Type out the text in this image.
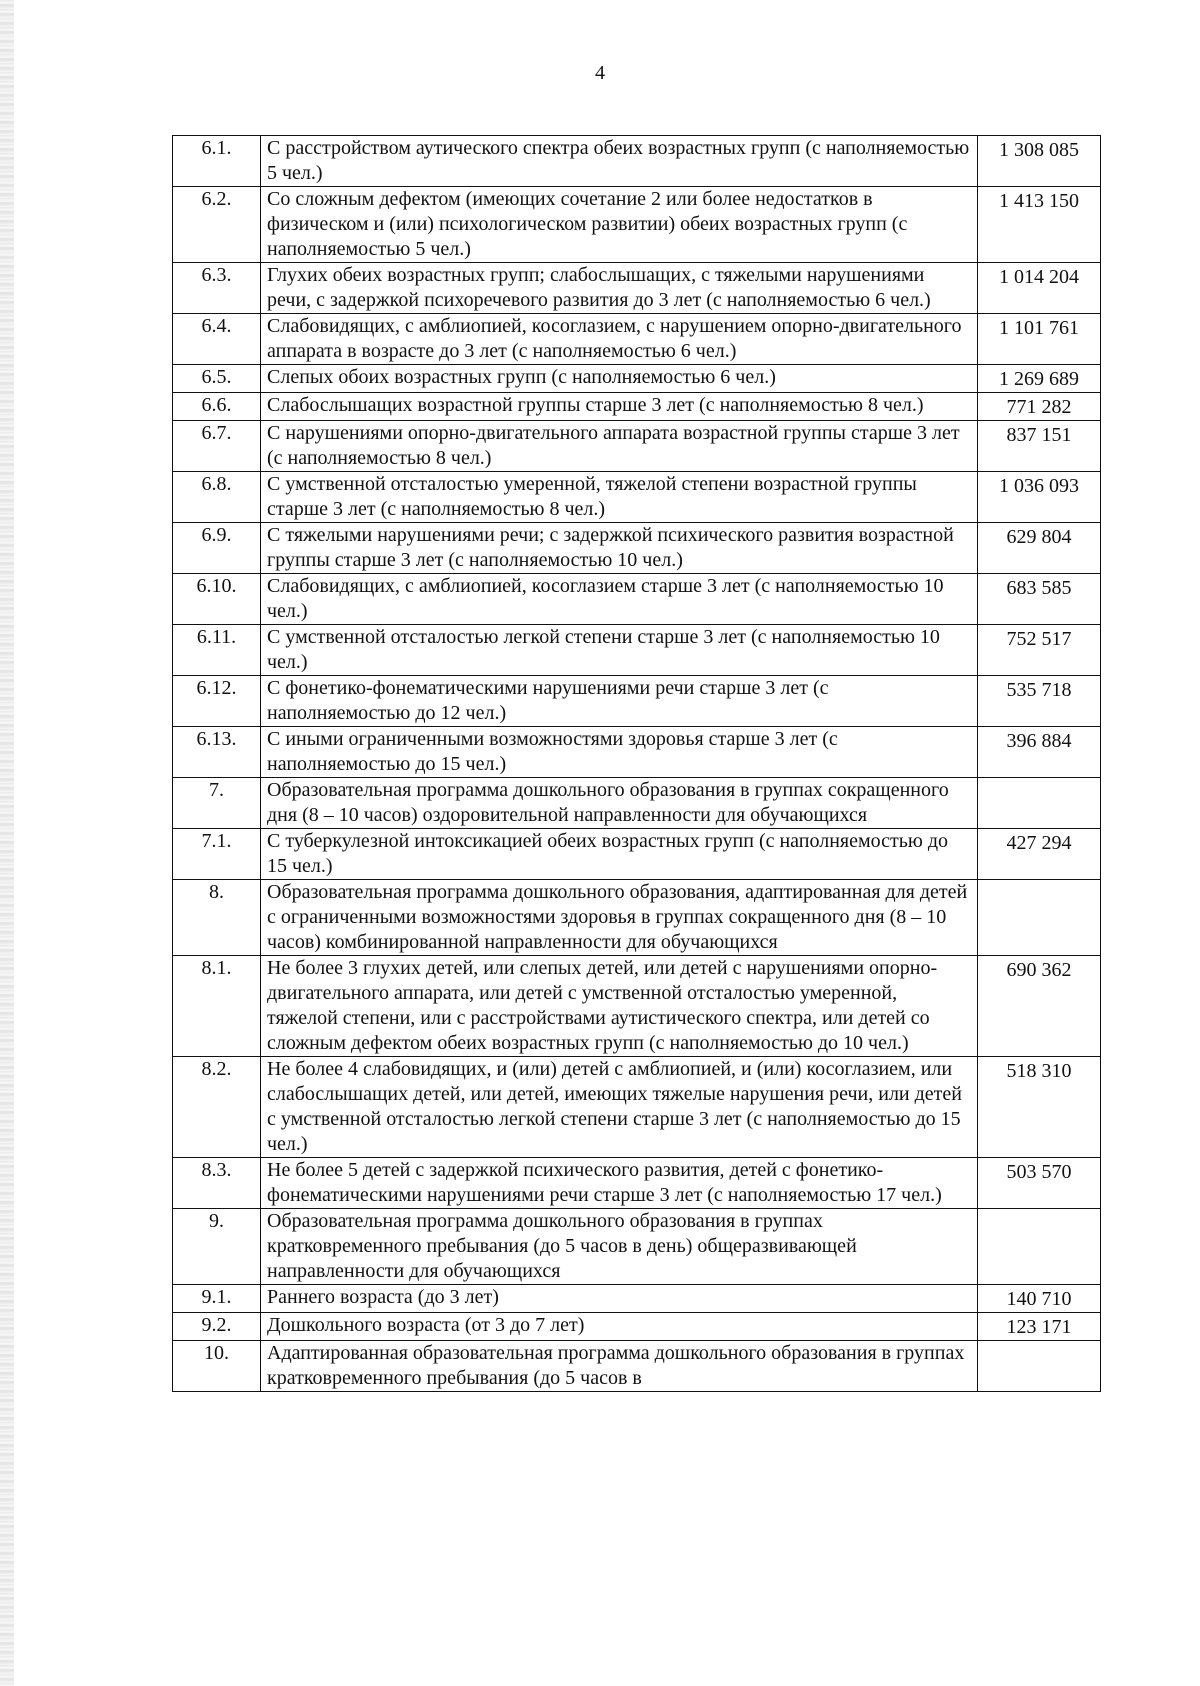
4
6.1.	С расстройством аутического спектра обеих возрастных групп (с наполняемостью 5 чел.)	1 308 085
6.2.	Со сложным дефектом (имеющих сочетание 2 или более недостатков в физическом и (или) психологическом развитии) обеих возрастных групп (с наполняемостью 5 чел.)	1 413 150
6.3.	Глухих обеих возрастных групп; слабослышащих, с тяжелыми нарушениями речи, с задержкой психоречевого развития до 3 лет (с наполняемостью 6 чел.)	1 014 204
6.4.	Слабовидящих, с амблиопией, косоглазием, с нарушением опорно-двигательного аппарата в возрасте до 3 лет (с наполняемостью 6 чел.)	1 101 761
6.5.	Слепых обоих возрастных групп (с наполняемостью 6 чел.)	1 269 689
6.6.	Слабослышащих возрастной группы старше 3 лет (с наполняемостью 8 чел.)	771 282
6.7.	С нарушениями опорно-двигательного аппарата возрастной группы старше 3 лет (с наполняемостью 8 чел.)	837 151
6.8.	С умственной отсталостью умеренной, тяжелой степени возрастной группы старше 3 лет (с наполняемостью 8 чел.)	1 036 093
6.9.	С тяжелыми нарушениями речи; с задержкой психического развития возрастной группы старше 3 лет (с наполняемостью 10 чел.)	629 804
6.10.	Слабовидящих, с амблиопией, косоглазием старше 3 лет (с наполняемостью 10 чел.)	683 585
6.11.	С умственной отсталостью легкой степени старше 3 лет (с наполняемостью 10 чел.)	752 517
6.12.	С фонетико-фонематическими нарушениями речи старше 3 лет (с наполняемостью до 12 чел.)	535 718
6.13.	С иными ограниченными возможностями здоровья старше 3 лет (с наполняемостью до 15 чел.)	396 884
7.	Образовательная программа дошкольного образования в группах сокращенного дня (8 – 10 часов) оздоровительной направленности для обучающихся	
7.1.	С туберкулезной интоксикацией обеих возрастных групп (с наполняемостью до 15 чел.)	427 294
8.	Образовательная программа дошкольного образования, адаптированная для детей с ограниченными возможностями здоровья в группах сокращенного дня (8 – 10 часов) комбинированной направленности для обучающихся	
8.1.	Не более 3 глухих детей, или слепых детей, или детей с нарушениями опорно-двигательного аппарата, или детей с умственной отсталостью умеренной, тяжелой степени, или с расстройствами аутистического спектра, или детей со сложным дефектом обеих возрастных групп (с наполняемостью до 10 чел.)	690 362
8.2.	Не более 4 слабовидящих, и (или) детей с амблиопией, и (или) косоглазием, или слабослышащих детей, или детей, имеющих тяжелые нарушения речи, или детей с умственной отсталостью легкой степени старше 3 лет (с наполняемостью до 15 чел.)	518 310
8.3.	Не более 5 детей с задержкой психического развития, детей с фонетико-фонематическими нарушениями речи старше 3 лет (с наполняемостью 17 чел.)	503 570
9.	Образовательная программа дошкольного образования в группах кратковременного пребывания (до 5 часов в день) общеразвивающей направленности для обучающихся	
9.1.	Раннего возраста (до 3 лет)	140 710
9.2.	Дошкольного возраста (от 3 до 7 лет)	123 171
10.	Адаптированная образовательная программа дошкольного образования в группах кратковременного пребывания (до 5 часов в	
